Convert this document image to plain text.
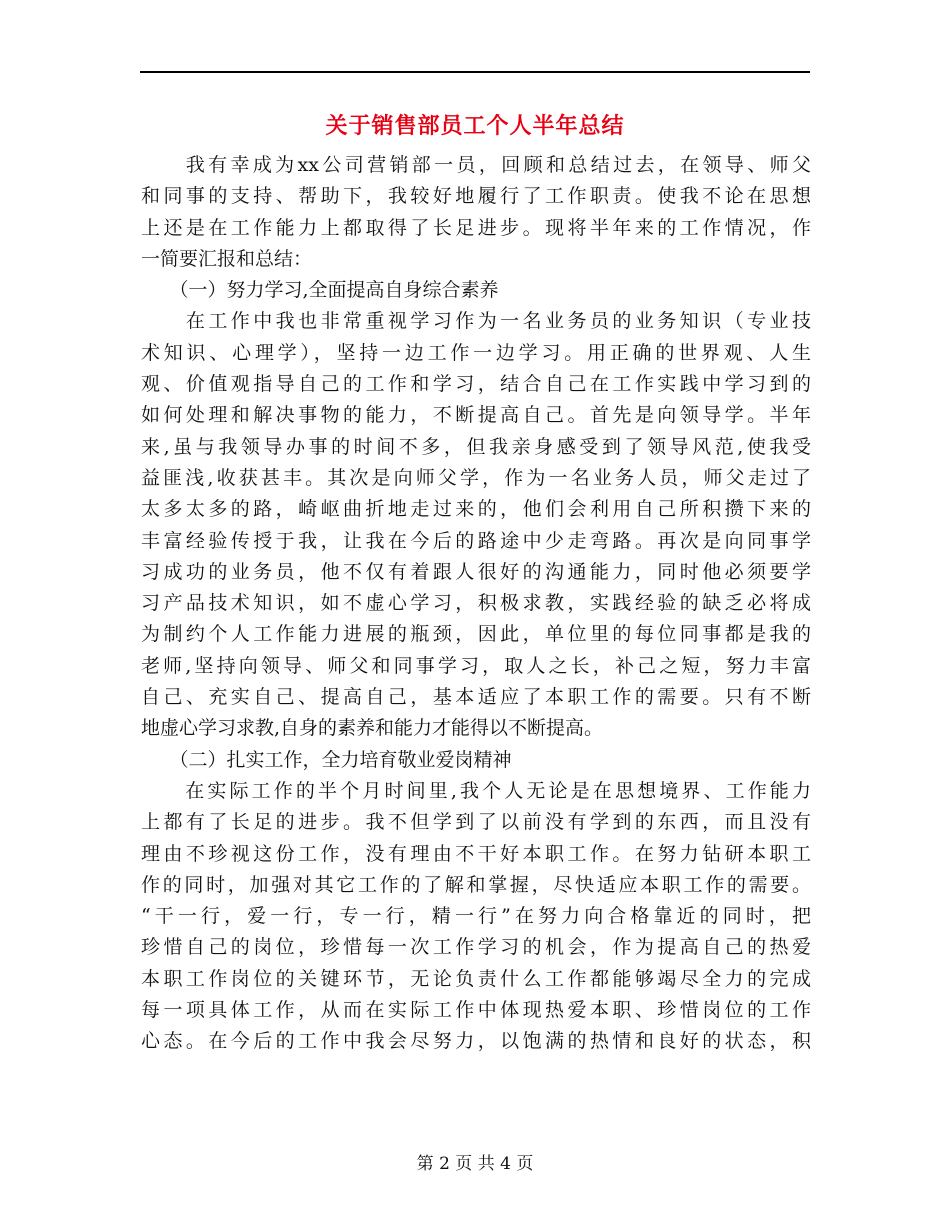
关于销售部员工个人半年总结
　　我有幸成为xx公司营销部一员，回顾和总结过去，在领导、师父
和同事的支持、帮助下，我较好地履行了工作职责。使我不论在思想
上还是在工作能力上都取得了长足进步。现将半年来的工作情况，作
一简要汇报和总结：
　　（一）努力学习,全面提高自身综合素养
　　在工作中我也非常重视学习作为一名业务员的业务知识（专业技
术知识、心理学），坚持一边工作一边学习。用正确的世界观、人生
观、价值观指导自己的工作和学习，结合自己在工作实践中学习到的
如何处理和解决事物的能力，不断提高自己。首先是向领导学。半年
来,虽与我领导办事的时间不多，但我亲身感受到了领导风范,使我受
益匪浅,收获甚丰。其次是向师父学，作为一名业务人员，师父走过了
太多太多的路，崎岖曲折地走过来的，他们会利用自己所积攒下来的
丰富经验传授于我，让我在今后的路途中少走弯路。再次是向同事学
习成功的业务员，他不仅有着跟人很好的沟通能力，同时他必须要学
习产品技术知识，如不虚心学习，积极求教，实践经验的缺乏必将成
为制约个人工作能力进展的瓶颈，因此，单位里的每位同事都是我的
老师,坚持向领导、师父和同事学习，取人之长，补己之短，努力丰富
自己、充实自己、提高自己，基本适应了本职工作的需要。只有不断
地虚心学习求教,自身的素养和能力才能得以不断提高。
　　（二）扎实工作，全力培育敬业爱岗精神
　　在实际工作的半个月时间里,我个人无论是在思想境界、工作能力
上都有了长足的进步。我不但学到了以前没有学到的东西，而且没有
理由不珍视这份工作，没有理由不干好本职工作。在努力钻研本职工
作的同时，加强对其它工作的了解和掌握，尽快适应本职工作的需要。
“干一行，爱一行，专一行，精一行”在努力向合格靠近的同时，把
珍惜自己的岗位，珍惜每一次工作学习的机会，作为提高自己的热爱
本职工作岗位的关键环节，无论负责什么工作都能够竭尽全力的完成
每一项具体工作，从而在实际工作中体现热爱本职、珍惜岗位的工作
心态。在今后的工作中我会尽努力，以饱满的热情和良好的状态，积
第 2 页 共 4 页
